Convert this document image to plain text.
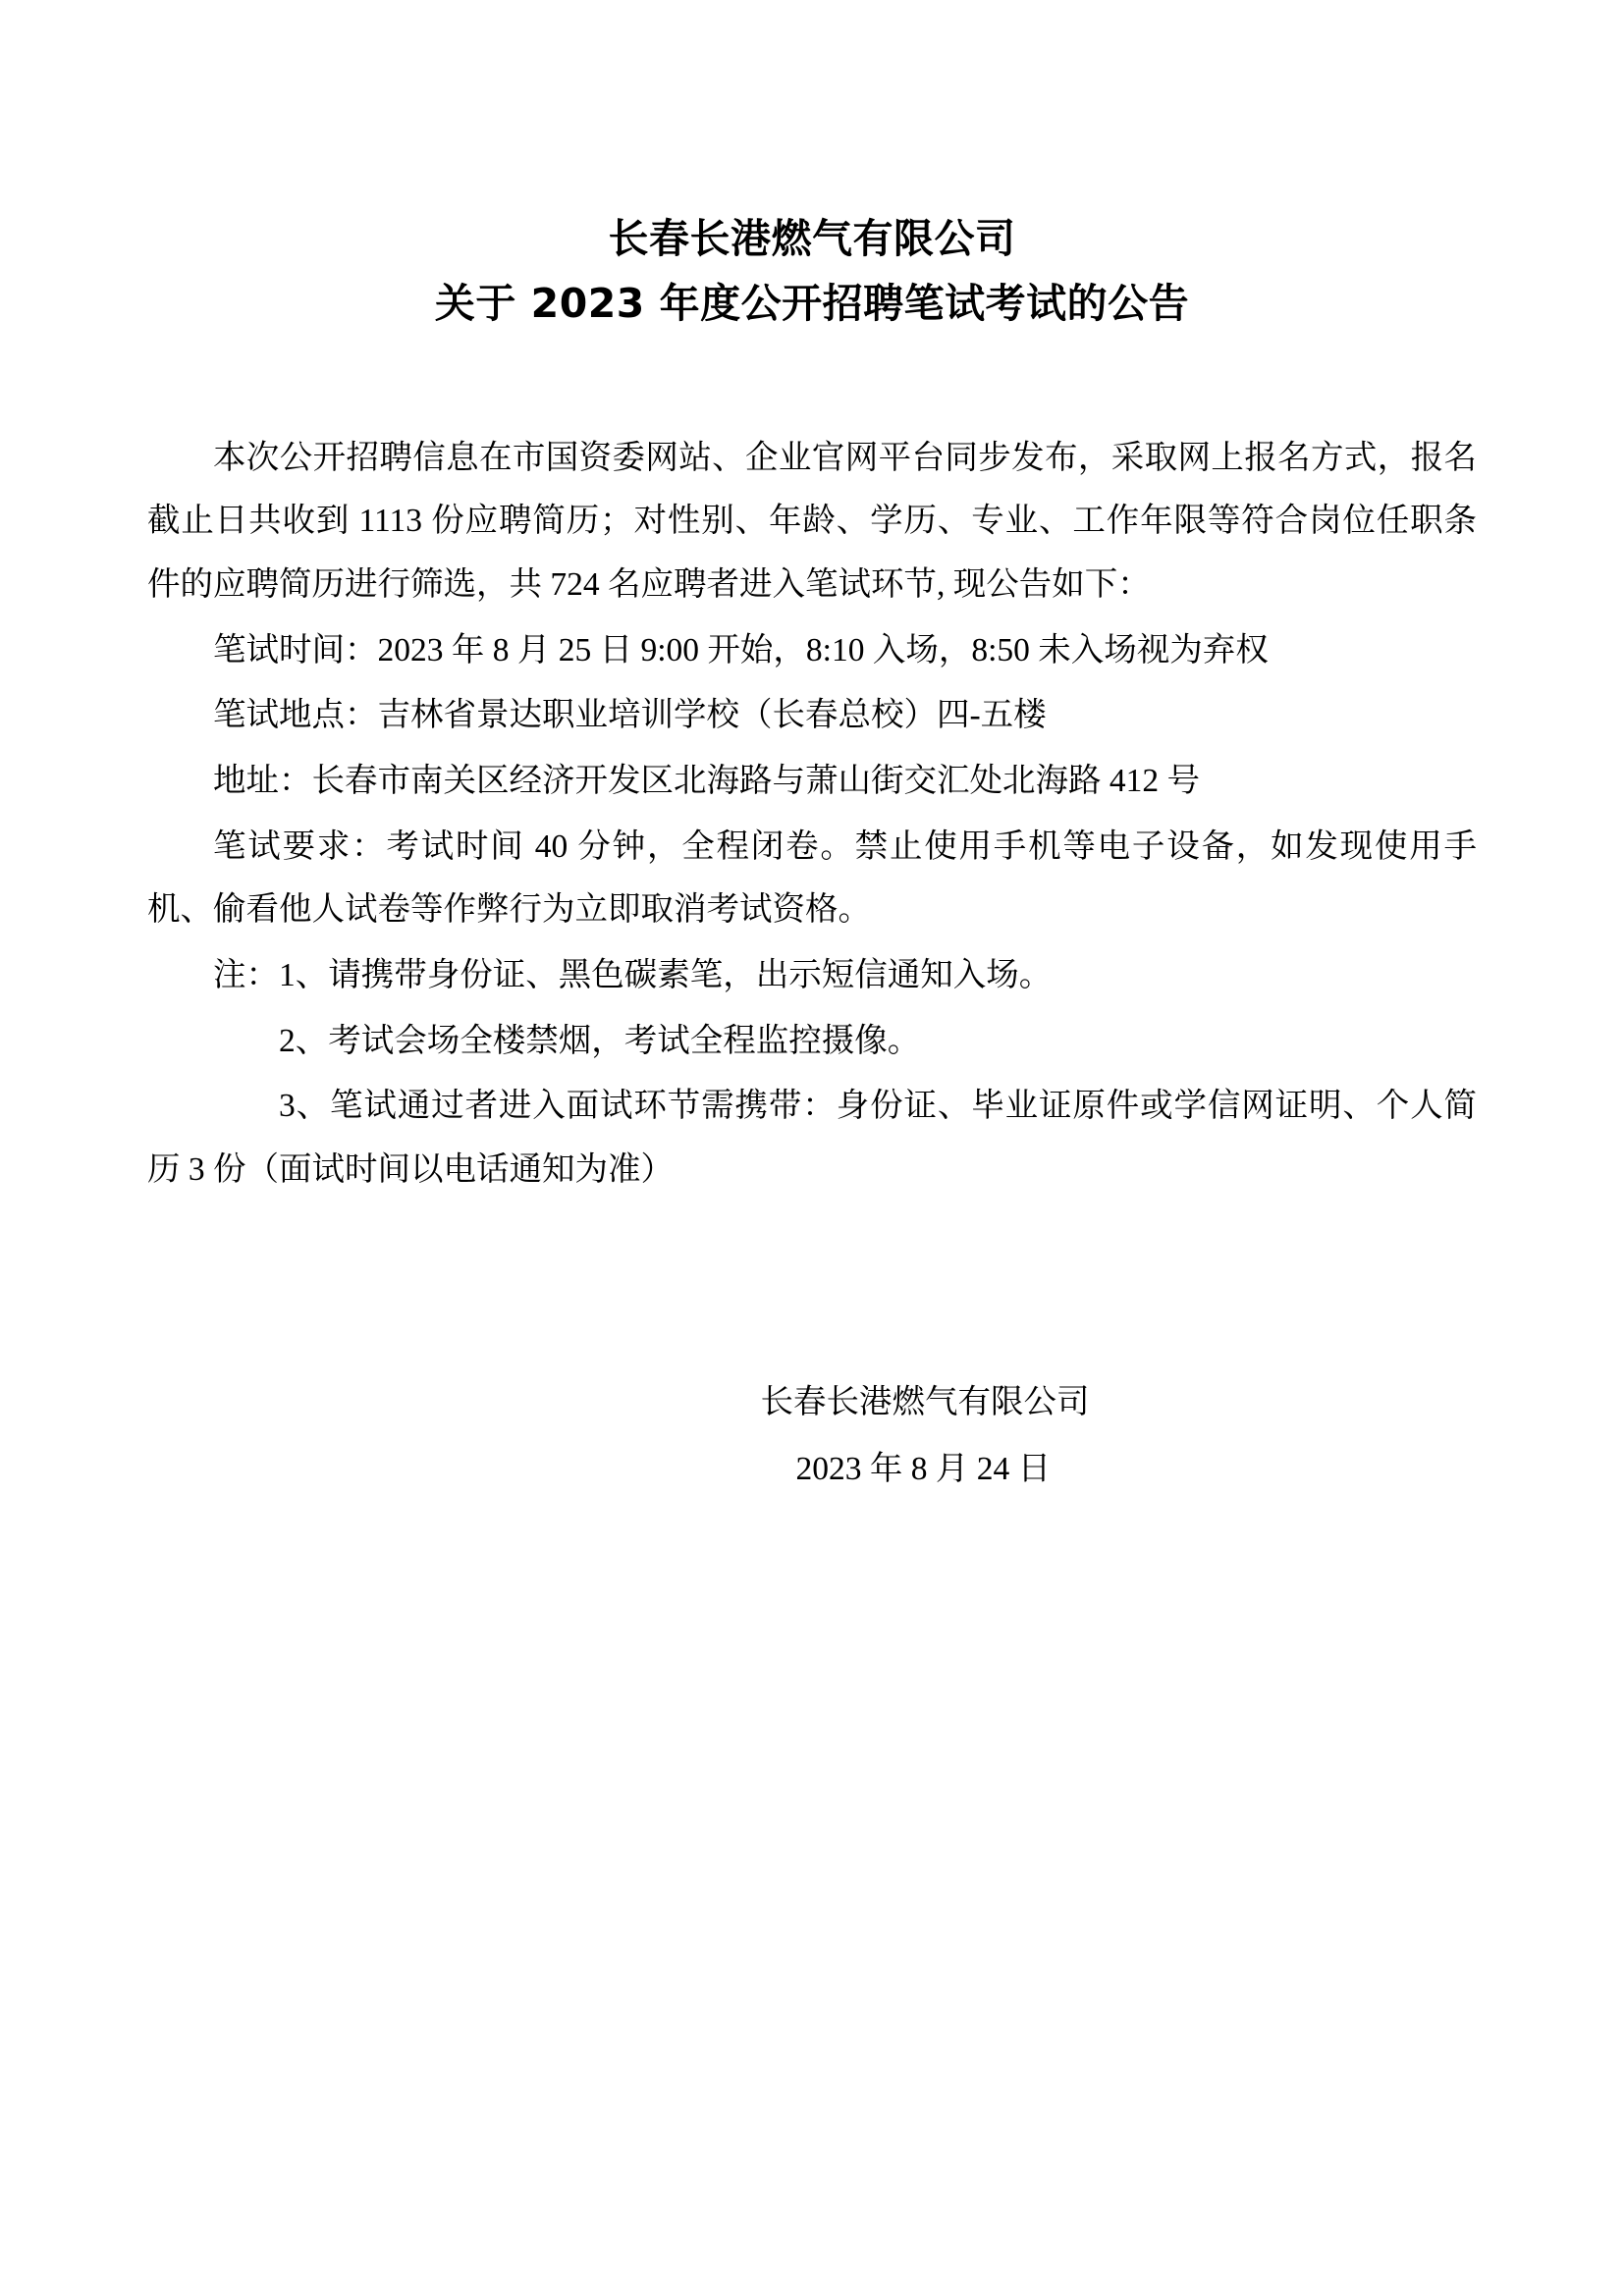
长春长港燃气有限公司
关于 2023 年度公开招聘笔试考试的公告

本次公开招聘信息在市国资委网站、企业官网平台同步发布，采取网上报名方式，报名截止日共收到 1113 份应聘简历；对性别、年龄、学历、专业、工作年限等符合岗位任职条件的应聘简历进行筛选，共 724 名应聘者进入笔试环节, 现公告如下：

笔试时间：2023 年 8 月 25 日 9:00 开始，8:10 入场，8:50 未入场视为弃权

笔试地点：吉林省景达职业培训学校（长春总校）四-五楼

地址：长春市南关区经济开发区北海路与萧山街交汇处北海路 412 号

笔试要求：考试时间 40 分钟，全程闭卷。禁止使用手机等电子设备，如发现使用手机、偷看他人试卷等作弊行为立即取消考试资格。

注：1、请携带身份证、黑色碳素笔，出示短信通知入场。

2、考试会场全楼禁烟，考试全程监控摄像。

3、笔试通过者进入面试环节需携带：身份证、毕业证原件或学信网证明、个人简历 3 份（面试时间以电话通知为准）

长春长港燃气有限公司
2023 年 8 月 24 日
